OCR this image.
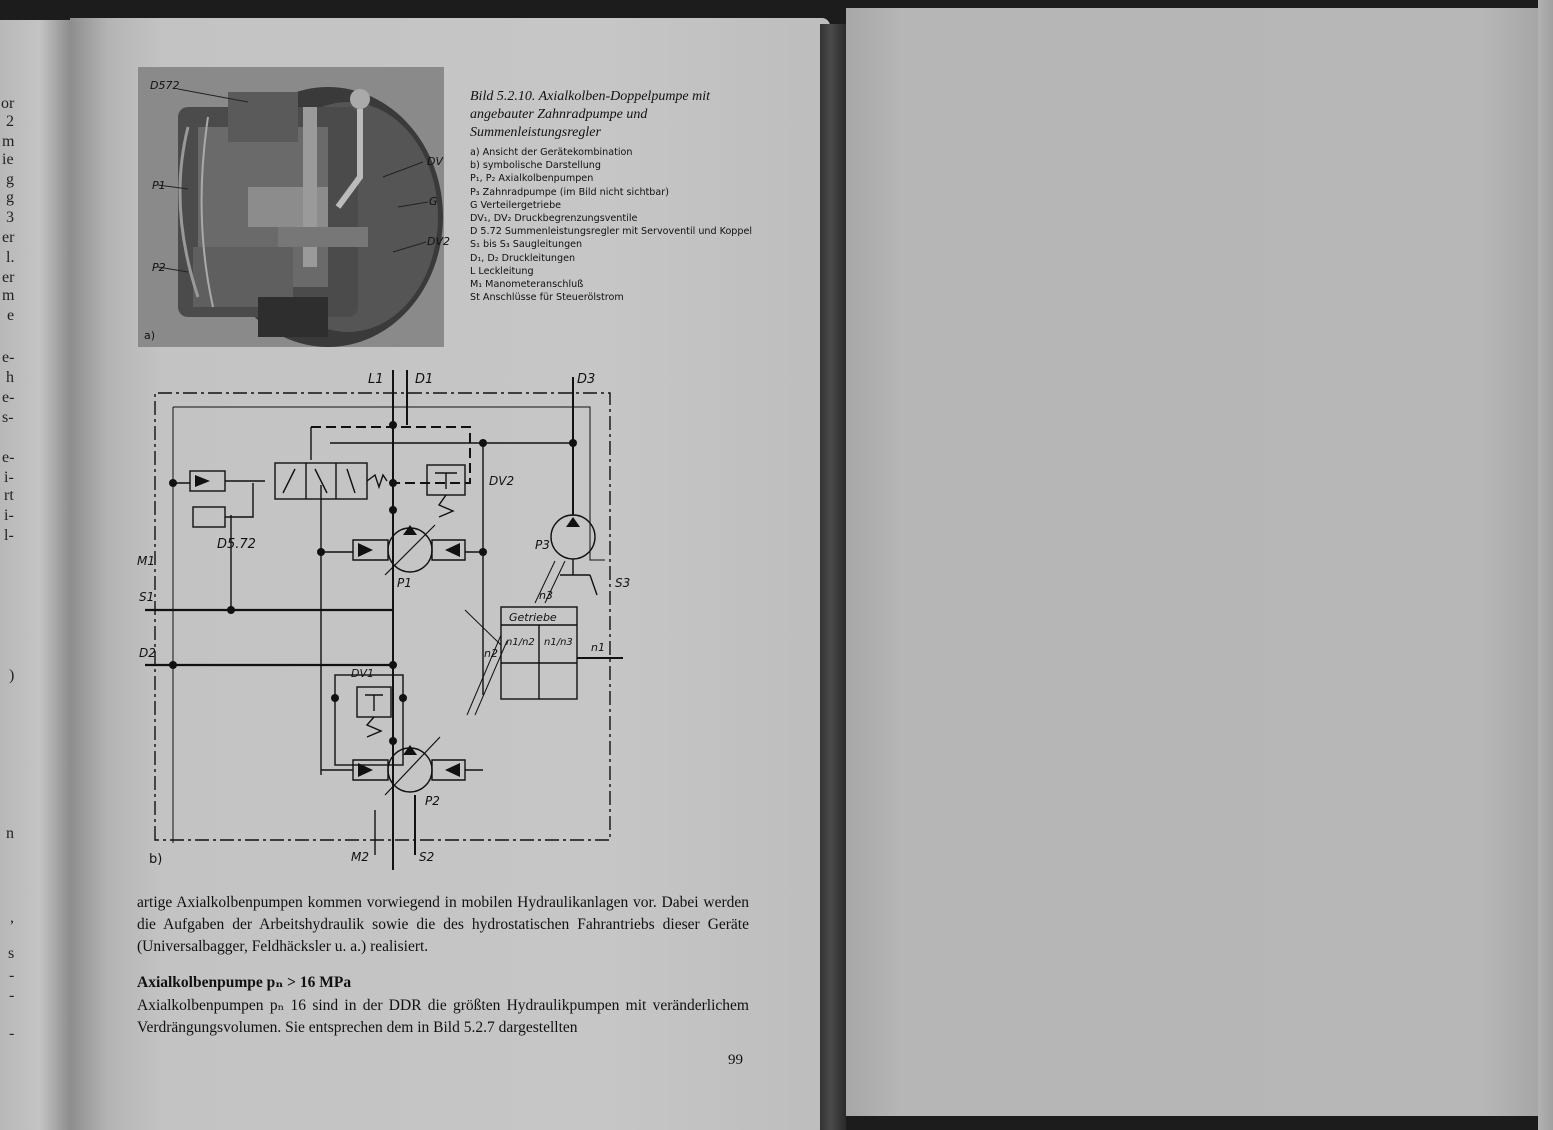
or
2
m
ie
g
g
3
er
l.
er
m
e
e-
h
e-
s-
e-
i-
rt
i-
l-
)
n
,
s
-
-
-
D572
DV
G
DV2
P1
P2
a)
Bild 5.2.10. Axialkolben-Doppelpumpe mit angebauter Zahnradpumpe und Summenleistungsregler
a) Ansicht der Gerätekombination
b) symbolische Darstellung
P₁, P₂ Axialkolbenpumpen
P₃ Zahnradpumpe (im Bild nicht sichtbar)
G Verteilergetriebe
DV₁, DV₂ Druckbegrenzungsventile
D 5.72 Summenleistungsregler mit Servoventil und Koppel
S₁ bis S₃ Saugleitungen
D₁, D₂ Druckleitungen
L Leckleitung
M₁ Manometeranschluß
St Anschlüsse für Steuerölstrom
L1 D1	D3
DV2
D5.72
M1
S1
P1
P3
S3
n3
Getriebe
n1/n2 n1/n3 n1
n2
D2
DV1
P2
M2	S2
b)
artige Axialkolbenpumpen kommen vorwiegend in mobilen Hydraulikanlagen vor. Dabei werden die Aufgaben der Arbeitshydraulik sowie die des hydrostatischen Fahrantriebs dieser Geräte (Universalbagger, Feldhäcksler u. a.) realisiert.
Axialkolbenpumpe pₙ > 16 MPa
Axialkolbenpumpen pₙ 16 sind in der DDR die größten Hydraulikpumpen mit veränderlichem Verdrängungsvolumen. Sie entsprechen dem in Bild 5.2.7 dargestellten
99
